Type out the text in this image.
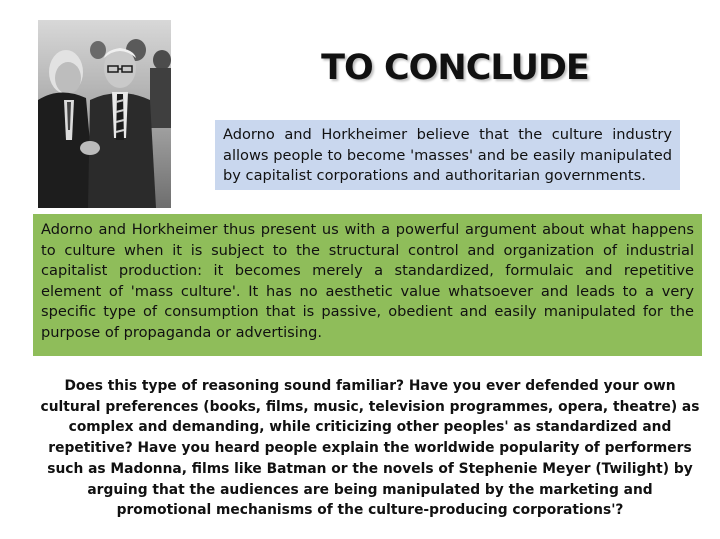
TO CONCLUDE
Adorno and Horkheimer believe that the culture industry allows people to become 'masses' and be easily manipulated by capitalist corporations and authoritarian governments.
Adorno and Horkheimer thus present us with a powerful argument about what happens to culture when it is subject to the structural control and organization of industrial capitalist production: it becomes merely a standardized, formulaic and repetitive element of 'mass culture'. It has no aesthetic value whatsoever and leads to a very specific type of consumption that is passive, obedient and easily manipulated for the purpose of propaganda or advertising.
Does this type of reasoning sound familiar? Have you ever defended your own cultural preferences (books, films, music, television programmes, opera, theatre) as complex and demanding, while criticizing other peoples' as standardized and repetitive? Have you heard people explain the worldwide popularity of performers such as Madonna, films like Batman or the novels of Stephenie Meyer (Twilight) by arguing that the audiences are being manipulated by the marketing and promotional mechanisms of the culture-producing corporations'?
